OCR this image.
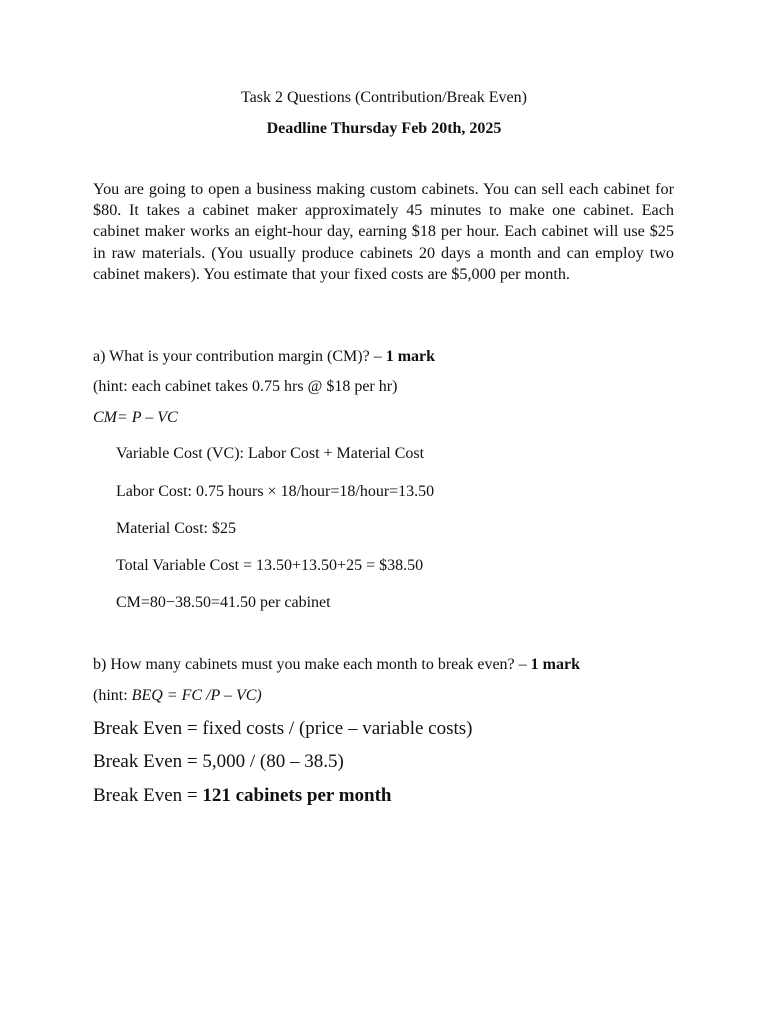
Task 2 Questions (Contribution/Break Even)
Deadline Thursday Feb 20th, 2025

You are going to open a business making custom cabinets. You can sell each cabinet for $80. It takes a cabinet maker approximately 45 minutes to make one cabinet. Each cabinet maker works an eight-hour day, earning $18 per hour. Each cabinet will use $25 in raw materials. (You usually produce cabinets 20 days a month and can employ two cabinet makers). You estimate that your fixed costs are $5,000 per month.

a) What is your contribution margin (CM)? – 1 mark
(hint: each cabinet takes 0.75 hrs @ $18 per hr)
CM= P – VC
Variable Cost (VC): Labor Cost + Material Cost
Labor Cost: 0.75 hours × 18/hour=18/hour=13.50
Material Cost: $25
Total Variable Cost = 13.50+13.50+25 = $38.50
CM=80−38.50=41.50 per cabinet
b) How many cabinets must you make each month to break even? – 1 mark
(hint: BEQ = FC /P – VC)
Break Even = fixed costs / (price – variable costs)
Break Even = 5,000 / (80 – 38.5)
Break Even = 121 cabinets per month
